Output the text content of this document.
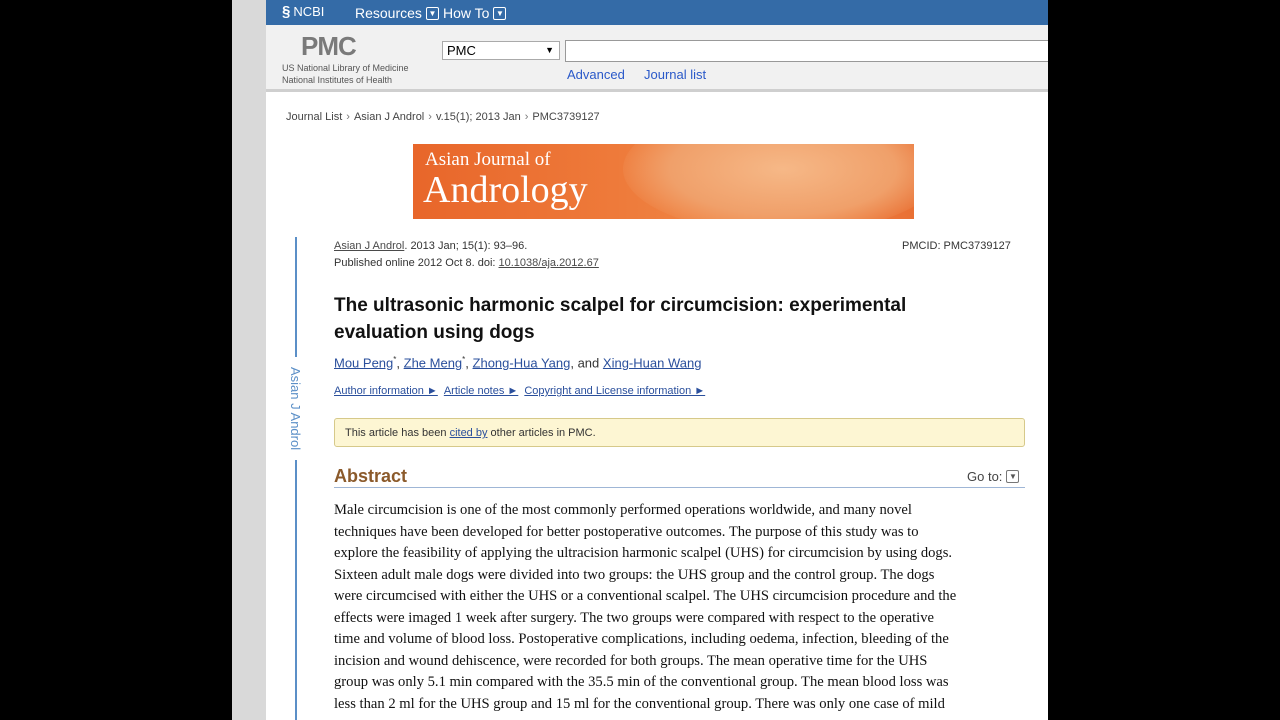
§ NCBI Resources ▼ How To ▼
PMC
US National Library of Medicine
National Institutes of Health
PMC	▼
Advanced Journal list
Journal List › Asian J Androl › v.15(1); 2013 Jan › PMC3739127
Asian Journal of
Andrology
Asian J Androl
Asian J Androl. 2013 Jan; 15(1): 93–96.
Published online 2012 Oct 8. doi: 10.1038/aja.2012.67
PMCID: PMC3739127
The ultrasonic harmonic scalpel for circumcision: experimental evaluation using dogs
Mou Peng*, Zhe Meng*, Zhong-Hua Yang, and Xing-Huan Wang
Author information ► Article notes ► Copyright and License information ►
This article has been cited by other articles in PMC.
Abstract	Go to: ▼
Male circumcision is one of the most commonly performed operations worldwide, and many novel
techniques have been developed for better postoperative outcomes. The purpose of this study was to
explore the feasibility of applying the ultracision harmonic scalpel (UHS) for circumcision by using dogs.
Sixteen adult male dogs were divided into two groups: the UHS group and the control group. The dogs
were circumcised with either the UHS or a conventional scalpel. The UHS circumcision procedure and the
effects were imaged 1 week after surgery. The two groups were compared with respect to the operative
time and volume of blood loss. Postoperative complications, including oedema, infection, bleeding of the
incision and wound dehiscence, were recorded for both groups. The mean operative time for the UHS
group was only 5.1 min compared with the 35.5 min of the conventional group. The mean blood loss was
less than 2 ml for the UHS group and 15 ml for the conventional group. There was only one case of mild
